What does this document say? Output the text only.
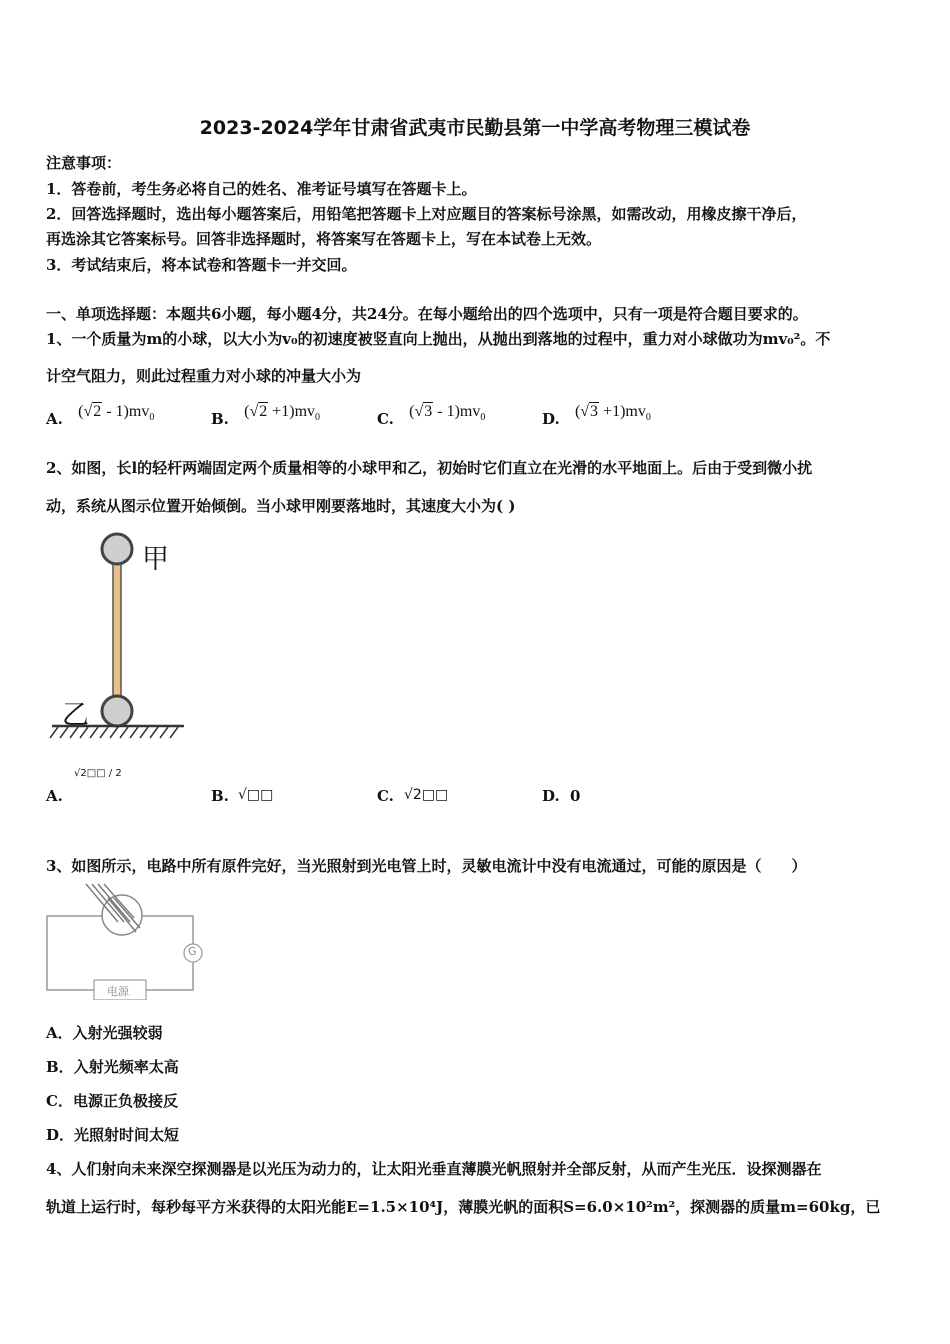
2023-2024学年甘肃省武夷市民勤县第一中学高考物理三模试卷
注意事项：
1．答卷前，考生务必将自己的姓名、准考证号填写在答题卡上。
2．回答选择题时，选出每小题答案后，用铅笔把答题卡上对应题目的答案标号涂黑，如需改动，用橡皮擦干净后，
再选涂其它答案标号。回答非选择题时，将答案写在答题卡上，写在本试卷上无效。
3．考试结束后，将本试卷和答题卡一并交回。
一、单项选择题：本题共6小题，每小题4分，共24分。在每小题给出的四个选项中，只有一项是符合题目要求的。
1、一个质量为m的小球，以大小为v₀的初速度被竖直向上抛出，从抛出到落地的过程中，重力对小球做功为mv₀²。不
计空气阻力，则此过程重力对小球的冲量大小为
A. $(√2 - 1)mv_0$	B. $(√2 +1)mv_0$	C. $(√3 - 1)mv_0$	D. $(√3 +1)mv_0$
2、如图，长l的轻杆两端固定两个质量相等的小球甲和乙，初始时它们直立在光滑的水平地面上。后由于受到微小扰
动，系统从图示位置开始倾倒。当小球甲刚要落地时，其速度大小为( )
甲
乙
A.
√2□□ / 2
B. √□□	C. √2□□	D. 0
3、如图所示，电路中所有原件完好，当光照射到光电管上时，灵敏电流计中没有电流通过，可能的原因是（　　）
G
电源
A．入射光强较弱
B．入射光频率太高
C．电源正负极接反
D．光照射时间太短
4、人们射向未来深空探测器是以光压为动力的，让太阳光垂直薄膜光帆照射并全部反射，从而产生光压．设探测器在
轨道上运行时，每秒每平方米获得的太阳光能E=1.5×10⁴J，薄膜光帆的面积S=6.0×10²m²，探测器的质量m=60kg，已
